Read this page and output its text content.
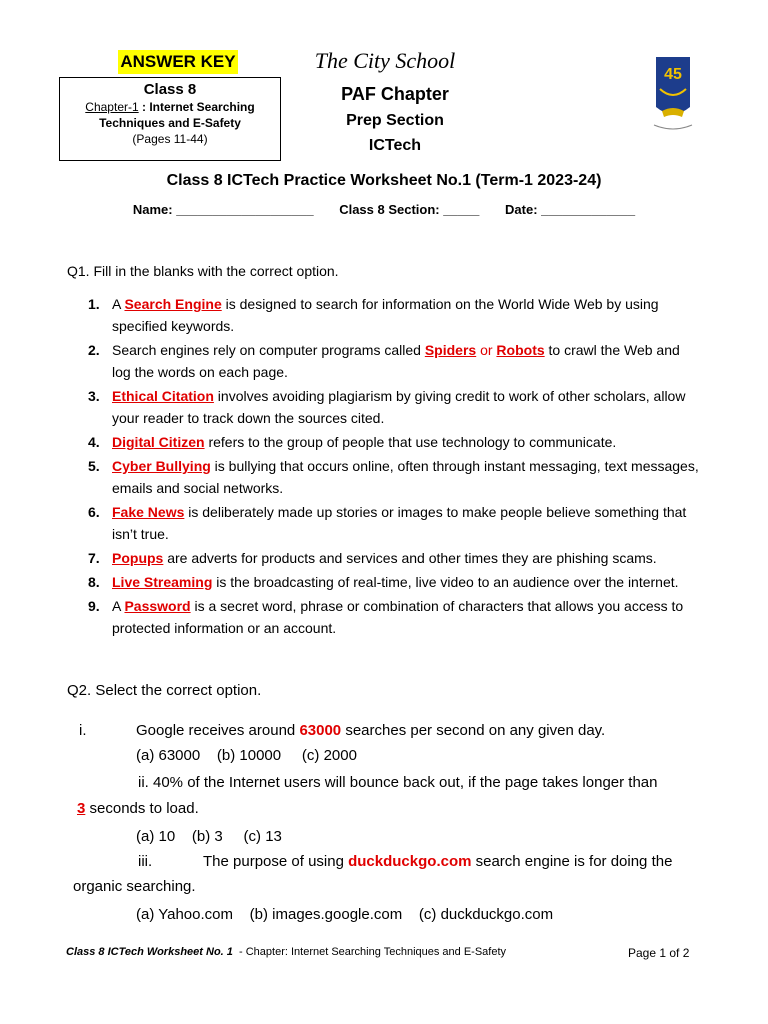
ANSWER KEY
Class 8
Chapter-1 : Internet Searching
Techniques and E-Safety
(Pages 11-44)
The City School
PAF Chapter
Prep Section
ICTech
45
Class 8 ICTech Practice Worksheet No.1 (Term-1 2023-24)
Name: ___________________ Class 8 Section: _____ Date: _____________
Q1. Fill in the blanks with the correct option.
1. A Search Engine is designed to search for information on the World Wide Web by using specified keywords.
2. Search engines rely on computer programs called Spiders or Robots to crawl the Web and log the words on each page.
3. Ethical Citation involves avoiding plagiarism by giving credit to work of other scholars, allow your reader to track down the sources cited.
4. Digital Citizen refers to the group of people that use technology to communicate.
5. Cyber Bullying is bullying that occurs online, often through instant messaging, text messages, emails and social networks.
6. Fake News is deliberately made up stories or images to make people believe something that isn’t true.
7. Popups are adverts for products and services and other times they are phishing scams.
8. Live Streaming is the broadcasting of real-time, live video to an audience over the internet.
9. A Password is a secret word, phrase or combination of characters that allows you access to protected information or an account.
Q2. Select the correct option.
i.	Google receives around 63000 searches per second on any given day.
(a) 63000    (b) 10000     (c) 2000
ii. 40% of the Internet users will bounce back out, if the page takes longer than
3 seconds to load.
(a) 10    (b) 3     (c) 13
iii.	The purpose of using duckduckgo.com search engine is for doing the
organic searching.
(a) Yahoo.com    (b) images.google.com    (c) duckduckgo.com
Class 8 ICTech Worksheet No. 1  - Chapter: Internet Searching Techniques and E-Safety	Page 1 of 2
